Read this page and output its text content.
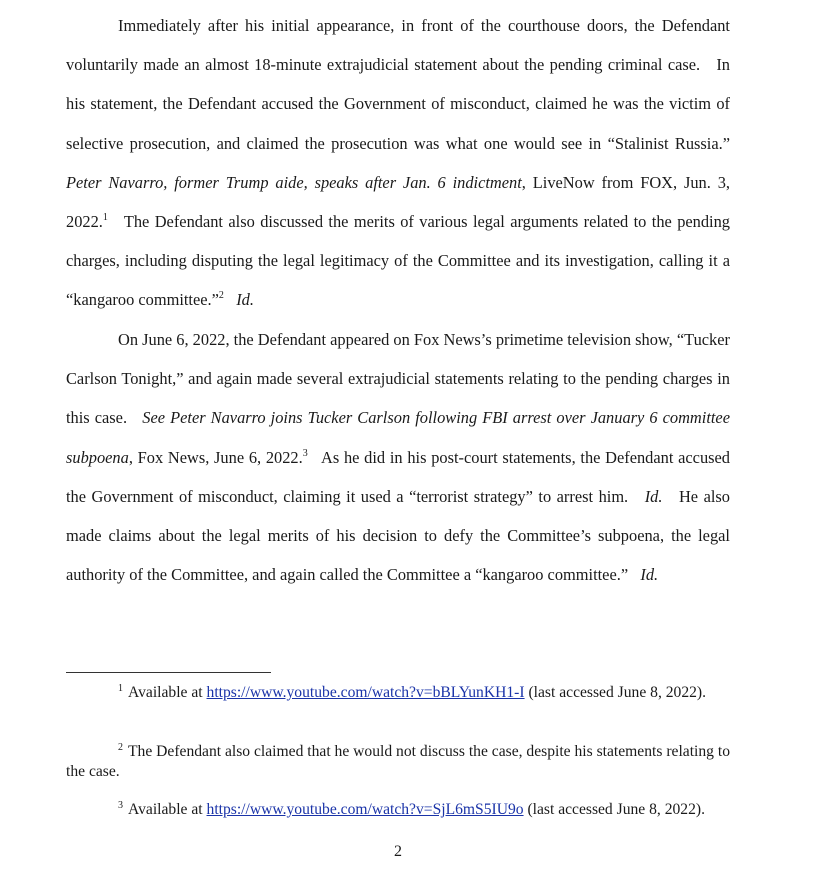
Immediately after his initial appearance, in front of the courthouse doors, the Defendant voluntarily made an almost 18-minute extrajudicial statement about the pending criminal case. In his statement, the Defendant accused the Government of misconduct, claimed he was the victim of selective prosecution, and claimed the prosecution was what one would see in “Stalinist Russia.” Peter Navarro, former Trump aide, speaks after Jan. 6 indictment, LiveNow from FOX, Jun. 3, 2022.$^1$ The Defendant also discussed the merits of various legal arguments related to the pending charges, including disputing the legal legitimacy of the Committee and its investigation, calling it a “kangaroo committee.”$^2$ Id.

On June 6, 2022, the Defendant appeared on Fox News’s primetime television show, “Tucker Carlson Tonight,” and again made several extrajudicial statements relating to the pending charges in this case. See Peter Navarro joins Tucker Carlson following FBI arrest over January 6 committee subpoena, Fox News, June 6, 2022.$^3$ As he did in his post-court statements, the Defendant accused the Government of misconduct, claiming it used a “terrorist strategy” to arrest him. Id. He also made claims about the legal merits of his decision to defy the Committee’s subpoena, the legal authority of the Committee, and again called the Committee a “kangaroo committee.” Id.

$^1$ Available at https://www.youtube.com/watch?v=bBLYunKH1-I (last accessed June 8, 2022).

$^2$ The Defendant also claimed that he would not discuss the case, despite his statements relating to the case.

$^3$ Available at https://www.youtube.com/watch?v=SjL6mS5IU9o (last accessed June 8, 2022).

2
